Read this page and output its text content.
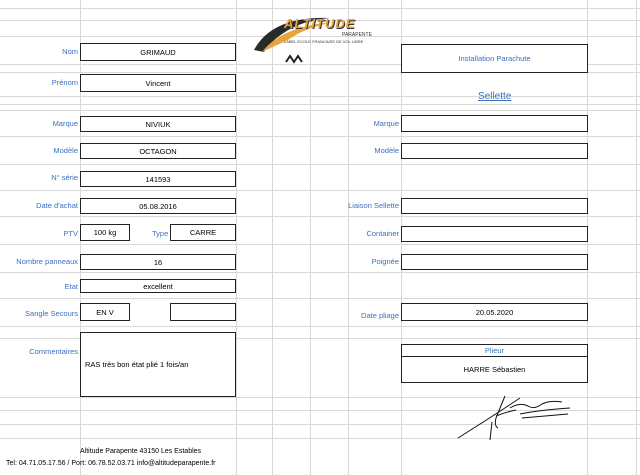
ALTITUDE
PARAPENTE
LABEL ECOLE FRANCAISE DE VOL LIBRE
Nom	GRIMAUD
Prénom	Vincent
Marque	NIVIUK
Modèle	OCTAGON
N° série	141593
Date d'achat	05.08.2016
PTV	100 kg	Type	CARRE
Nombre panneaux	16
Etat	excellent
Sangle Secours	EN V
Commentaires
RAS très bon état plié 1 fois/an
Installation Parachute
Sellette
Marque
Modèle
Liaison Sellette
Container
Poignée
Date pliage	20.05.2020
Plieur
HARRE Sébastien
Altitude Parapente 43150 Les Estables
Tel: 04.71.05.17.56 / Port: 06.78.52.03.71 info@altitudeparapente.fr
